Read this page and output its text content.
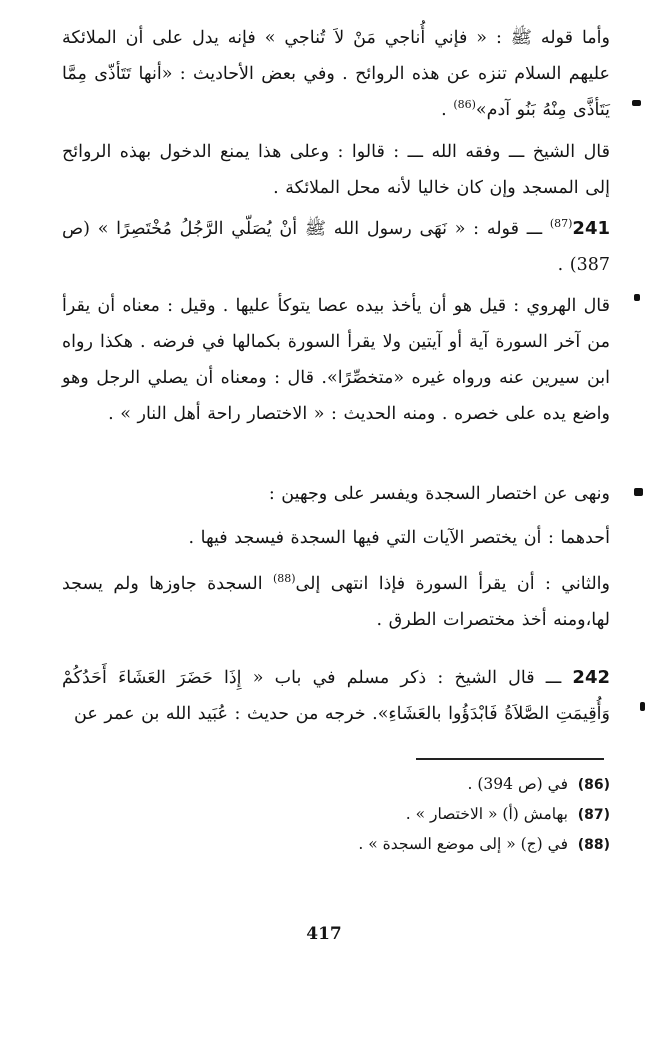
وأما قوله ﷺ : « فإني أُناجي مَنْ لاَ تُناجي » فإنه يدل على أن الملائكة عليهم السلام تنزه عن هذه الروائح . وفي بعض الأحاديث : «أنها تَتَأذّى مِمَّا يَتَأذَّى مِنْهُ بَنُو آدم»$^{(86)}$ .

قال الشيخ ـــ وفقه الله ـــ : قالوا : وعلى هذا يمنع الدخول بهذه الروائح إلى المسجد وإن كان خاليا لأنه محل الملائكة .

241$^{(87)}$ ـــ قوله : « نَهَى رسول الله ﷺ أنْ يُصَلّي الرَّجُلُ مُخْتَصِرًا » (ص 387) .

قال الهروي : قيل هو أن يأخذ بيده عصا يتوكأ عليها . وقيل : معناه أن يقرأ من آخر السورة آية أو آيتين ولا يقرأ السورة بكمالها في فرضه . هكذا رواه ابن سيرين عنه ورواه غيره «متخصِّرًا». قال : ومعناه أن يصلي الرجل وهو واضع يده على خصره . ومنه الحديث : « الاختصار راحة أهل النار » .

ونهى عن اختصار السجدة ويفسر على وجهين :

أحدهما : أن يختصر الآيات التي فيها السجدة فيسجد فيها .

والثاني : أن يقرأ السورة فإذا انتهى إلى$^{(88)}$ السجدة جاوزها ولم يسجد لها،ومنه أخذ مختصرات الطرق .

242 ـــ قال الشيخ : ذكر مسلم في باب « إِذَا حَضَرَ العَشَاءَ أَحَدُكُمْ وَأُقِيمَتِ الصَّلاَةُ فَابْدَؤُوا بالعَشَاءِ». خرجه من حديث : عُبَيد الله بن عمر عن

(86)في (ص 394) .
(87)بهامش (أ) « الاختصار » .
(88)في (ج) « إلى موضع السجدة » .
417
